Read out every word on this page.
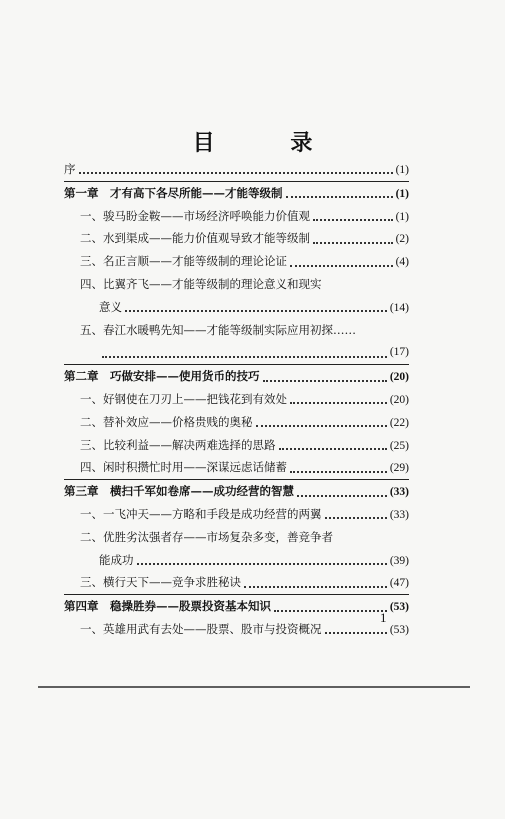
目 录
序	(1)
第一章　才有高下各尽所能——才能等级制	(1)
一、骏马盼金鞍——市场经济呼唤能力价值观	(1)
二、水到渠成——能力价值观导致才能等级制	(2)
三、名正言顺——才能等级制的理论论证	(4)
四、比翼齐飞——才能等级制的理论意义和现实
意义	(14)
五、春江水暖鸭先知——才能等级制实际应用初探……
(17)
第二章　巧做安排——使用货币的技巧	(20)
一、好钢使在刀刃上——把钱花到有效处	(20)
二、替补效应——价格贵贱的奥秘	(22)
三、比较利益——解决两难选择的思路	(25)
四、闲时积攒忙时用——深谋远虑话储蓄	(29)
第三章　横扫千军如卷席——成功经营的智慧	(33)
一、一飞冲天——方略和手段是成功经营的两翼	(33)
二、优胜劣汰强者存——市场复杂多变，善竞争者
能成功	(39)
三、横行天下——竞争求胜秘诀	(47)
第四章　稳操胜券——股票投资基本知识	(53)
一、英雄用武有去处——股票、股市与投资概况	(53)
1
